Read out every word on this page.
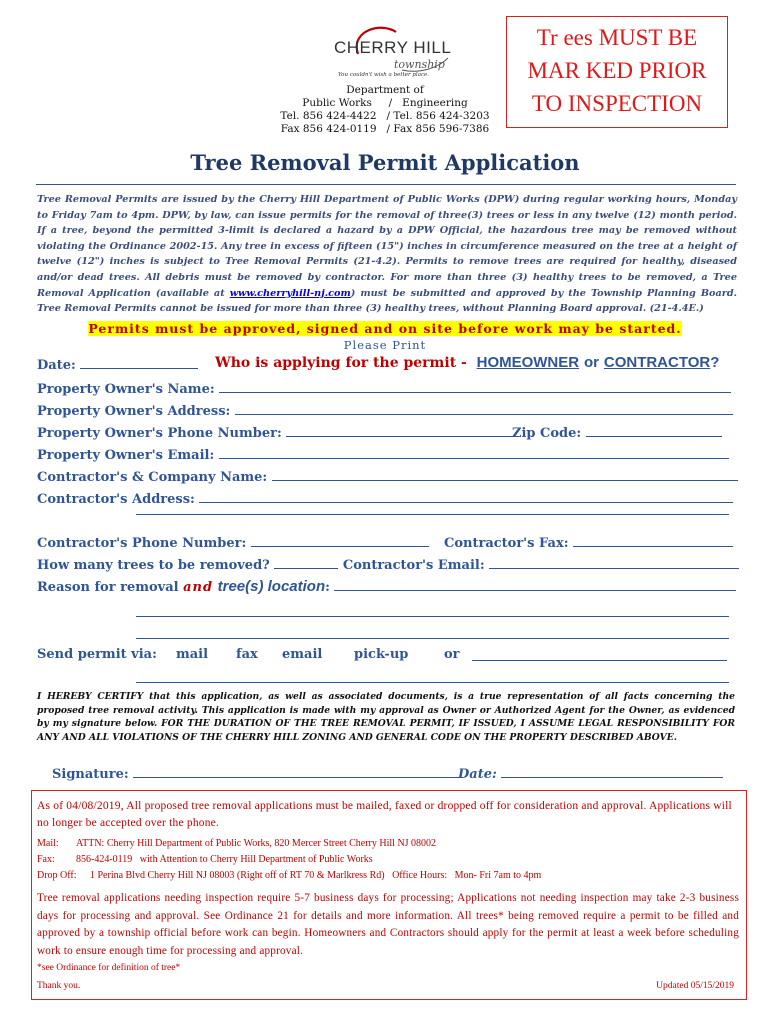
CHERRY HILL
You couldn't wish a better place.
township
Department of
Public Works     /   Engineering
Tel. 856 424-4422   / Tel. 856 424-3203
Fax 856 424-0119   / Fax 856 596-7386
Tr ees MUST BE
MAR KED PRIOR
TO INSPECTION
Tree Removal Permit Application
Tree Removal Permits are issued by the Cherry Hill Department of Public Works (DPW) during regular working hours, Monday to Friday 7am to 4pm. DPW, by law, can issue permits for the removal of three(3) trees or less in any twelve (12) month period. If a tree, beyond the permitted 3-limit is declared a hazard by a DPW Official, the hazardous tree may be removed without violating the Ordinance 2002-15. Any tree in excess of fifteen (15") inches in circumference measured on the tree at a height of twelve (12") inches is subject to Tree Removal Permits (21-4.2). Permits to remove trees are required for healthy, diseased and/or dead trees. All debris must be removed by contractor. For more than three (3) healthy trees to be removed, a Tree Removal Application (available at www.cherryhill-nj.com) must be submitted and approved by the Township Planning Board. Tree Removal Permits cannot be issued for more than three (3) healthy trees, without Planning Board approval. (21-4.4E.)
Permits must be approved, signed and on site before work may be started.
Please Print
Date:	Who is applying for the permit -  HOMEOWNER or CONTRACTOR?
Property Owner's Name:
Property Owner's Address:
Property Owner's Phone Number:	Zip Code:
Property Owner's Email:
Contractor's & Company Name:
Contractor's Address:
Contractor's Phone Number:	Contractor's Fax:
How many trees to be removed?	Contractor's Email:
Reason for removal and tree(s) location:
Send permit via: mail fax email pick-up	or
I HEREBY CERTIFY that this application, as well as associated documents, is a true representation of all facts concerning the proposed tree removal activity. This application is made with my approval as Owner or Authorized Agent for the Owner, as evidenced by my signature below. FOR THE DURATION OF THE TREE REMOVAL PERMIT, IF ISSUED, I ASSUME LEGAL RESPONSIBILITY FOR ANY AND ALL VIOLATIONS OF THE CHERRY HILL ZONING AND GENERAL CODE ON THE PROPERTY DESCRIBED ABOVE.
Signature:	Date:
As of 04/08/2019, All proposed tree removal applications must be mailed, faxed or dropped off for consideration and approval. Applications will no longer be accepted over the phone.
Mail: ATTN: Cherry Hill Department of Public Works, 820 Mercer Street Cherry Hill NJ 08002
Fax: 856-424-0119   with Attention to Cherry Hill Department of Public Works
Drop Off: 1 Perina Blvd Cherry Hill NJ 08003 (Right off of RT 70 & Marlkress Rd)   Office Hours:   Mon- Fri 7am to 4pm
Tree removal applications needing inspection require 5-7 business days for processing; Applications not needing inspection may take 2-3 business days for processing and approval. See Ordinance 21 for details and more information. All trees* being removed require a permit to be filled and approved by a township official before work can begin. Homeowners and Contractors should apply for the permit at least a week before scheduling work to ensure enough time for processing and approval.
*see Ordinance for definition of tree*
Thank you.	Updated 05/15/2019
